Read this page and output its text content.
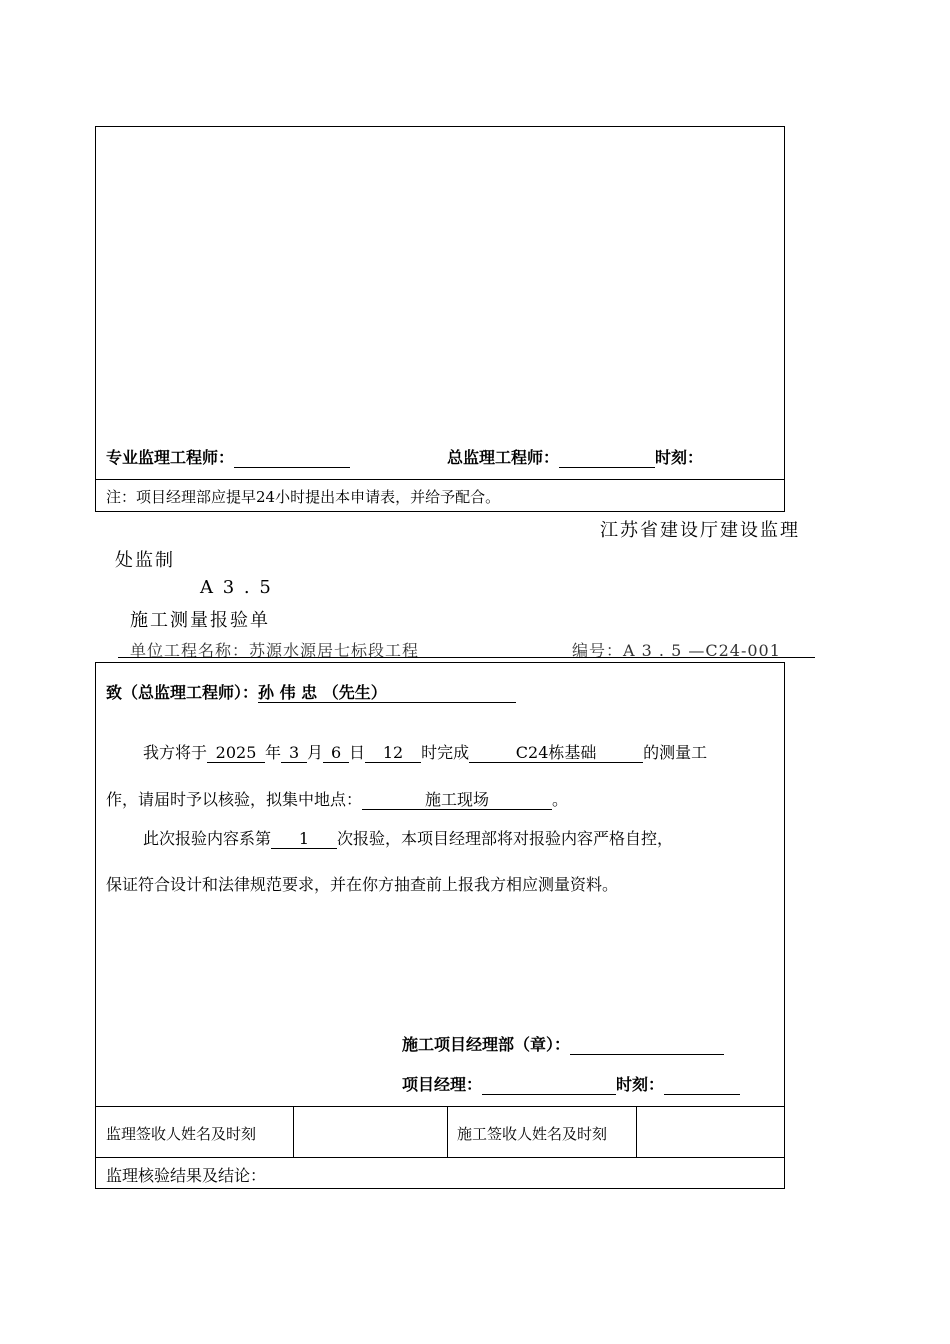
专业监理工程师：	总监理工程师：	时刻：
注：项目经理部应提早24小时提出本申请表，并给予配合。
江苏省建设厅建设监理
处监制
A 3 . 5
施工测量报验单
单位工程名称：苏源水源居七标段工程	编号：A 3 . 5 —C24-001
致（总监理工程师）：孙 伟 忠 （先生）
我方将于 2025 年 3 月 6 日 12 时完成	C24栋基础	的测量工
作，请届时予以核验，拟集中地点：	施工现场	。
此次报验内容系第 1 次报验，本项目经理部将对报验内容严格自控，
保证符合设计和法律规范要求，并在你方抽查前上报我方相应测量资料。
施工项目经理部（章）：
项目经理：	时刻：
监理签收人姓名及时刻	施工签收人姓名及时刻
监理核验结果及结论：
